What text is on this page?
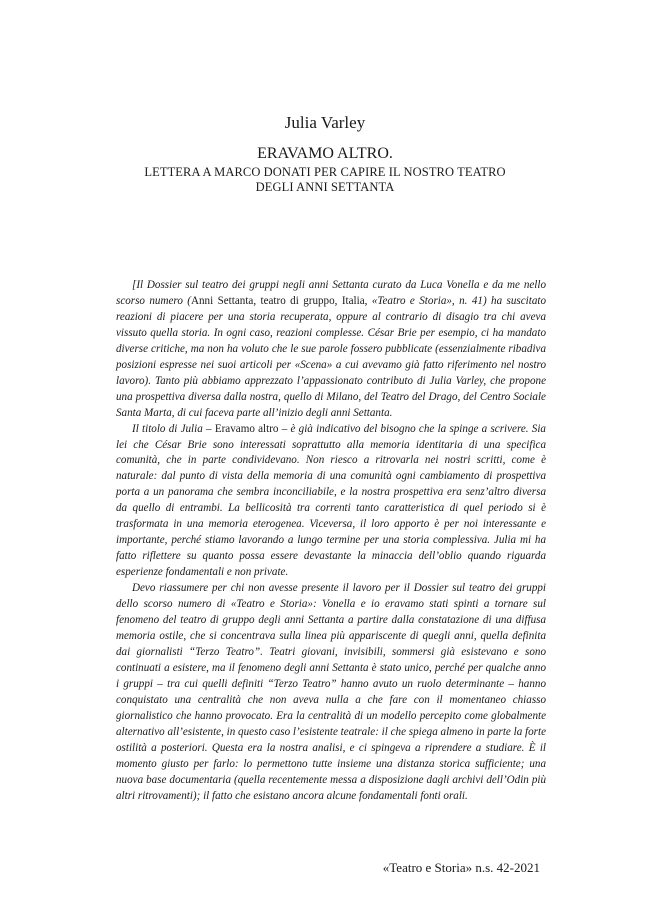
Julia Varley
ERAVAMO ALTRO.
LETTERA A MARCO DONATI PER CAPIRE IL NOSTRO TEATRO
DEGLI ANNI SETTANTA

[Il Dossier sul teatro dei gruppi negli anni Settanta curato da Luca Vonella e da me nello scorso numero (Anni Settanta, teatro di gruppo, Italia, «Teatro e Storia», n. 41) ha suscitato reazioni di piacere per una storia recuperata, oppure al contrario di disagio tra chi aveva vissuto quella storia. In ogni caso, reazioni complesse. César Brie per esempio, ci ha mandato diverse critiche, ma non ha voluto che le sue parole fossero pubblicate (essenzialmente ribadiva posizioni espresse nei suoi articoli per «Scena» a cui avevamo già fatto riferimento nel nostro lavoro). Tanto più abbiamo apprezzato l’appassionato contributo di Julia Varley, che propone una prospettiva diversa dalla nostra, quello di Milano, del Teatro del Drago, del Centro Sociale Santa Marta, di cui faceva parte all’inizio degli anni Settanta.

Il titolo di Julia – Eravamo altro – è già indicativo del bisogno che la spinge a scrivere. Sia lei che César Brie sono interessati soprattutto alla memoria identitaria di una specifica comunità, che in parte condividevano. Non riesco a ritrovarla nei nostri scritti, come è naturale: dal punto di vista della memoria di una comunità ogni cambiamento di prospettiva porta a un panorama che sembra inconciliabile, e la nostra prospettiva era senz’altro diversa da quello di entrambi. La bellicosità tra correnti tanto caratteristica di quel periodo si è trasformata in una memoria eterogenea. Viceversa, il loro apporto è per noi interessante e importante, perché stiamo lavorando a lungo termine per una storia complessiva. Julia mi ha fatto riflettere su quanto possa essere devastante la minaccia dell’oblio quando riguarda esperienze fondamentali e non private.

Devo riassumere per chi non avesse presente il lavoro per il Dossier sul teatro dei gruppi dello scorso numero di «Teatro e Storia»: Vonella e io eravamo stati spinti a tornare sul fenomeno del teatro di gruppo degli anni Settanta a partire dalla constatazione di una diffusa memoria ostile, che si concentrava sulla linea più appariscente di quegli anni, quella definita dai giornalisti “Terzo Teatro”. Teatri giovani, invisibili, sommersi già esistevano e sono continuati a esistere, ma il fenomeno degli anni Settanta è stato unico, perché per qualche anno i gruppi – tra cui quelli definiti “Terzo Teatro” hanno avuto un ruolo determinante – hanno conquistato una centralità che non aveva nulla a che fare con il momentaneo chiasso giornalistico che hanno provocato. Era la centralità di un modello percepito come globalmente alternativo all’esistente, in questo caso l’esistente teatrale: il che spiega almeno in parte la forte ostilità a posteriori. Questa era la nostra analisi, e ci spingeva a riprendere a studiare. È il momento giusto per farlo: lo permettono tutte insieme una distanza storica sufficiente; una nuova base documentaria (quella recentemente messa a disposizione dagli archivi dell’Odin più altri ritrovamenti); il fatto che esistano ancora alcune fondamentali fonti orali.

«Teatro e Storia» n.s. 42-2021
